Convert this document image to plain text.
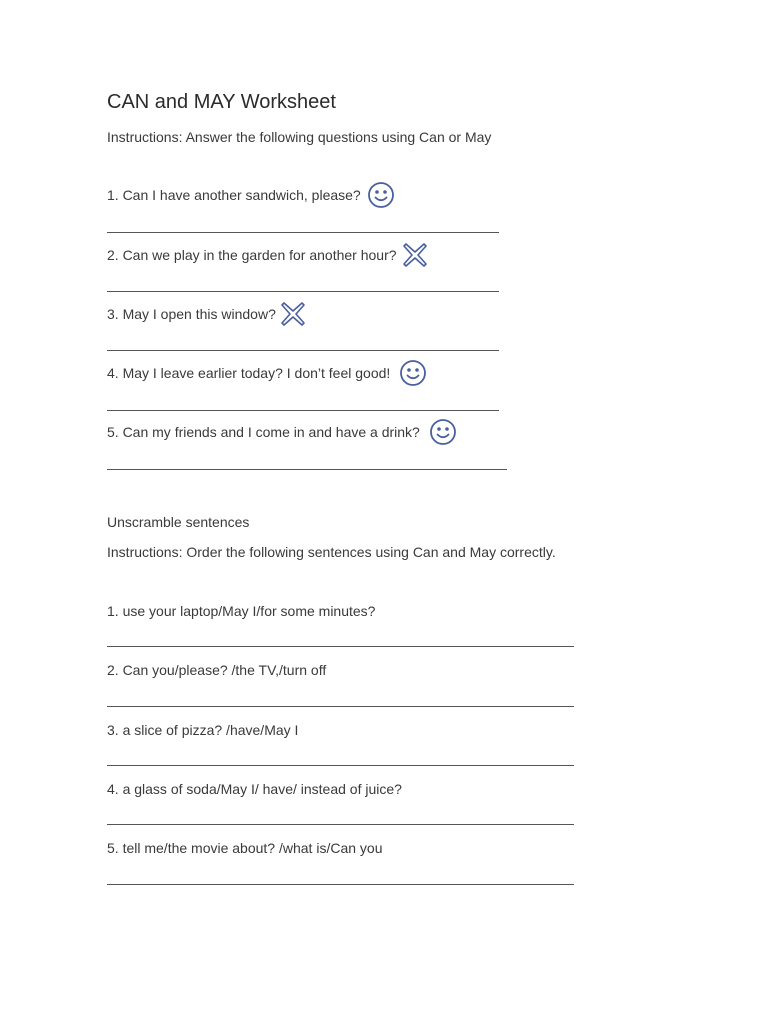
CAN and MAY Worksheet
Instructions: Answer the following questions using Can or May
1. Can I have another sandwich, please?
2. Can we play in the garden for another hour?
3. May I open this window?
4. May I leave earlier today? I don’t feel good!
5. Can my friends and I come in and have a drink?
Unscramble sentences
Instructions: Order the following sentences using Can and May correctly.
1. use your laptop/May I/for some minutes?
2. Can you/please? /the TV,/turn off
3. a slice of pizza? /have/May I
4. a glass of soda/May I/ have/ instead of juice?
5. tell me/the movie about? /what is/Can you
